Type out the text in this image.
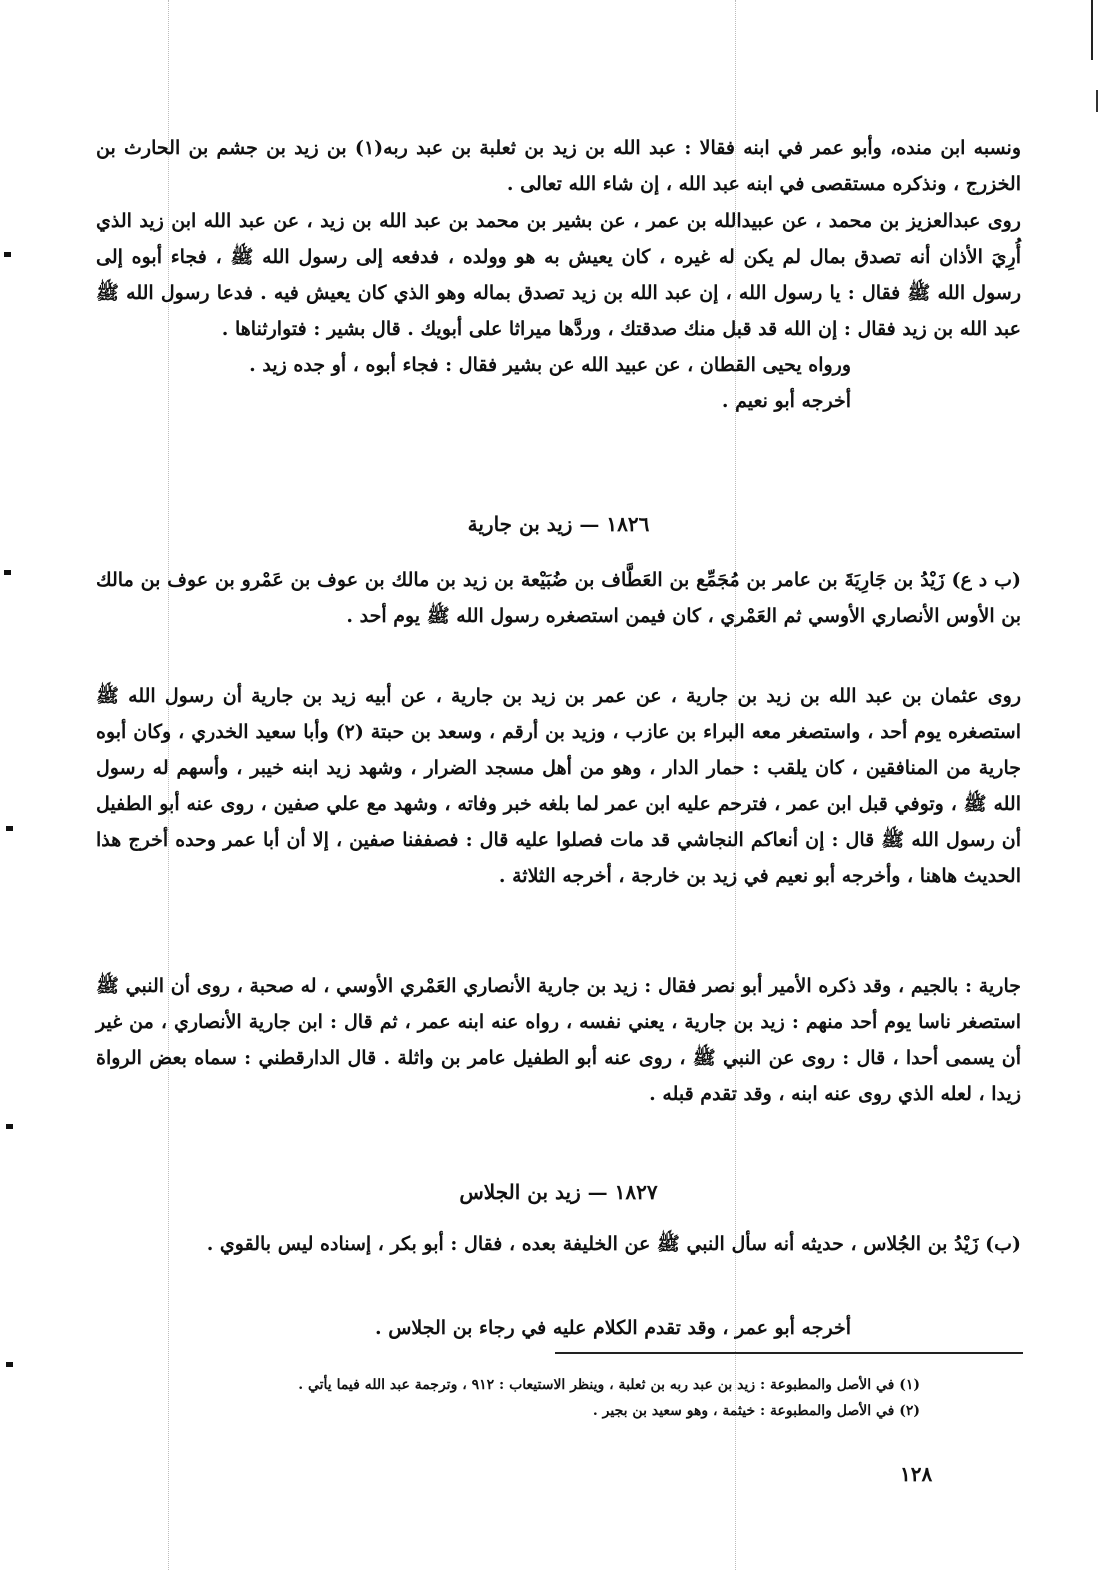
ونسبه ابن منده، وأبو عمر في ابنه فقالا : عبد الله بن زيد بن ثعلبة بن عبد ربه(١) بن زيد بن جشم بن الحارث بن الخزرج ، ونذكره مستقصى في ابنه عبد الله ، إن شاء الله تعالى .
روى عبدالعزيز بن محمد ، عن عبيدالله بن عمر ، عن بشير بن محمد بن عبد الله بن زيد ، عن عبد الله ابن زيد الذي أُرِيَ الأذان أنه تصدق بمال لم يكن له غيره ، كان يعيش به هو وولده ، فدفعه إلى رسول الله ﷺ ، فجاء أبوه إلى رسول الله ﷺ فقال : يا رسول الله ، إن عبد الله بن زيد تصدق بماله وهو الذي كان يعيش فيه . فدعا رسول الله ﷺ عبد الله بن زيد فقال : إن الله قد قبل منك صدقتك ، وردَّها ميراثا على أبويك . قال بشير : فتوارثناها .
ورواه يحيى القطان ، عن عبيد الله عن بشير فقال : فجاء أبوه ، أو جده زيد .
أخرجه أبو نعيم .
١٨٢٦ — زيد بن جارية
(ب د ع) زَيْدُ بن جَارِيَةَ بن عامر بن مُجَمِّع بن العَطَّاف بن ضُبَيْعة بن زيد بن مالك بن عوف بن عَمْرو بن عوف بن مالك بن الأوس الأنصاري الأوسي ثم العَمْري ، كان فيمن استصغره رسول الله ﷺ يوم أحد .
روى عثمان بن عبد الله بن زيد بن جارية ، عن عمر بن زيد بن جارية ، عن أبيه زيد بن جارية أن رسول الله ﷺ استصغره يوم أحد ، واستصغر معه البراء بن عازب ، وزيد بن أرقم ، وسعد بن حبتة (٢) وأبا سعيد الخدري ، وكان أبوه جارية من المنافقين ، كان يلقب : حمار الدار ، وهو من أهل مسجد الضرار ، وشهد زيد ابنه خيبر ، وأسهم له رسول الله ﷺ ، وتوفي قبل ابن عمر ، فترحم عليه ابن عمر لما بلغه خبر وفاته ، وشهد مع علي صفين ، روى عنه أبو الطفيل أن رسول الله ﷺ قال : إن أنعاكم النجاشي قد مات فصلوا عليه قال : فصففنا صفين ، إلا أن أبا عمر وحده أخرج هذا الحديث هاهنا ، وأخرجه أبو نعيم في زيد بن خارجة ، أخرجه الثلاثة .
جارية : بالجيم ، وقد ذكره الأمير أبو نصر فقال : زيد بن جارية الأنصاري العَمْري الأوسي ، له صحبة ، روى أن النبي ﷺ استصغر ناسا يوم أحد منهم : زيد بن جارية ، يعني نفسه ، رواه عنه ابنه عمر ، ثم قال : ابن جارية الأنصاري ، من غير أن يسمى أحدا ، قال : روى عن النبي ﷺ ، روى عنه أبو الطفيل عامر بن واثلة . قال الدارقطني : سماه بعض الرواة زيدا ، لعله الذي روى عنه ابنه ، وقد تقدم قبله .
١٨٢٧ — زيد بن الجلاس
(ب) زَيْدُ بن الجُلاس ، حديثه أنه سأل النبي ﷺ عن الخليفة بعده ، فقال : أبو بكر ، إسناده ليس بالقوي .
أخرجه أبو عمر ، وقد تقدم الكلام عليه في رجاء بن الجلاس .
(١) في الأصل والمطبوعة : زيد بن عبد ربه بن ثعلبة ، وينظر الاستيعاب : ٩١٢ ، وترجمة عبد الله فيما يأتي .
(٢) في الأصل والمطبوعة : خيثمة ، وهو سعيد بن بجير .
١٢٨
